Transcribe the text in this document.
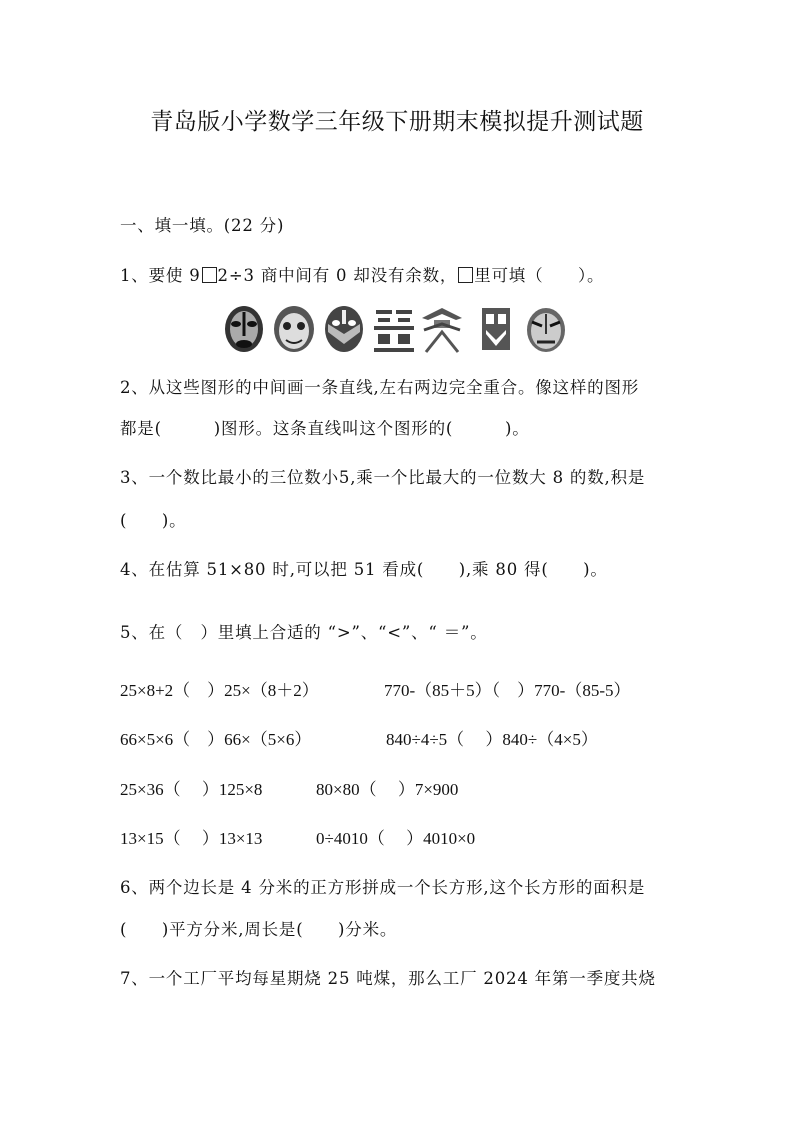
青岛版小学数学三年级下册期末模拟提升测试题
一、填一填。(22 分)
1、要使 9 2÷3 商中间有 0 却没有余数， 里可填（　　）。
2、从这些图形的中间画一条直线,左右两边完全重合。像这样的图形
都是(　　　)图形。这条直线叫这个图形的(　　　)。
3、一个数比最小的三位数小5,乘一个比最大的一位数大 8 的数,积是
(　　)。
4、在估算 51×80 时,可以把 51 看成(　　),乘 80 得(　　)。
5、在（　）里填上合适的 “>”、“<”、“ ＝”。
25×8+2（　）25×（8＋2）	770-（85＋5）（　）770-（85-5）
66×5×6（　）66×（5×6）	840÷4÷5（　 ）840÷（4×5）
25×36（　 ）125×8	80×80（　 ）7×900
13×15（　 ）13×13	0÷4010（　 ）4010×0
6、两个边长是 4 分米的正方形拼成一个长方形,这个长方形的面积是
(　　)平方分米,周长是(　　)分米。
7、一个工厂平均每星期烧 25 吨煤，那么工厂 2024 年第一季度共烧
